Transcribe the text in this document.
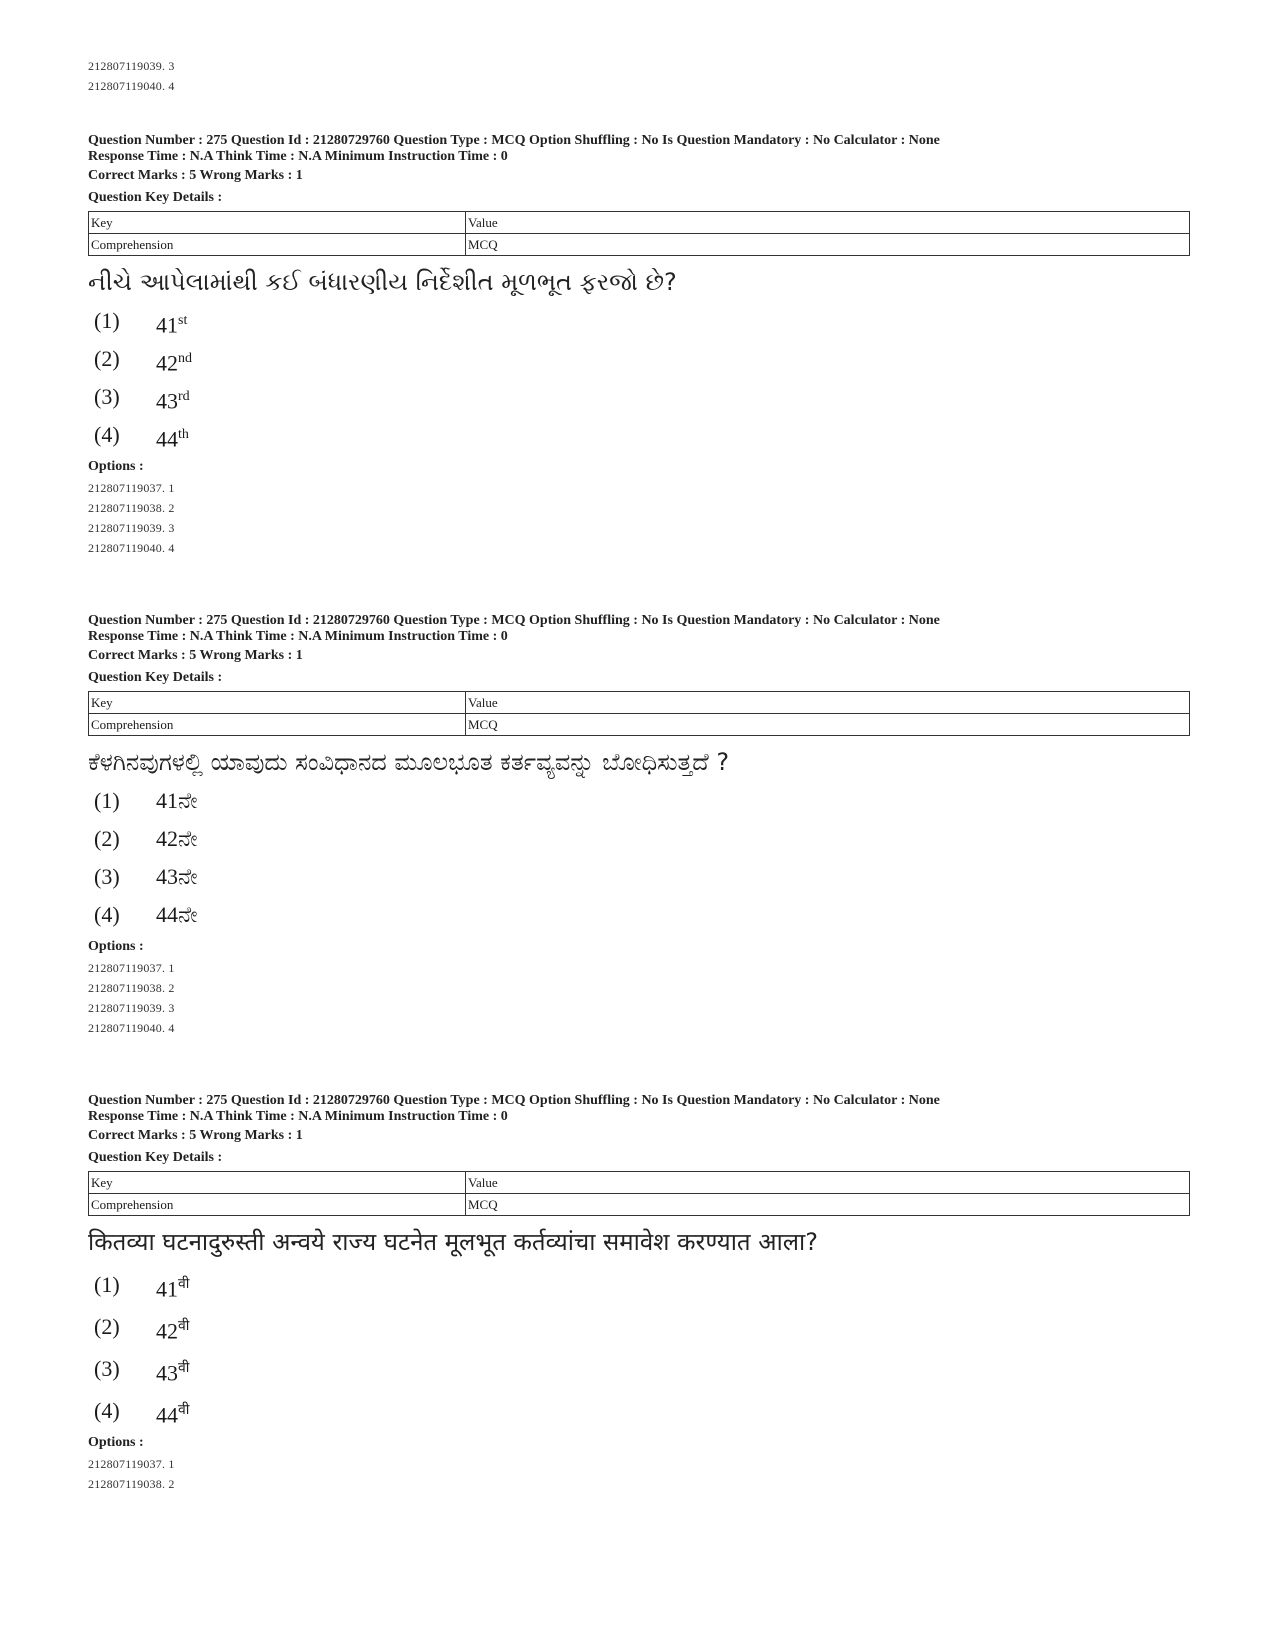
212807119039. 3
212807119040. 4
Question Number : 275 Question Id : 21280729760 Question Type : MCQ Option Shuffling : No Is Question Mandatory : No Calculator : None
Response Time : N.A Think Time : N.A Minimum Instruction Time : 0
Correct Marks : 5 Wrong Marks : 1
Question Key Details :
Key	Value
Comprehension	MCQ
નીચે આપેલામાંથી કઈ બંધારણીય નિર્દેશીત મૂળભૂત ફરજો છે?
(1)	41st
(2)	42nd
(3)	43rd
(4)	44th
Options :
212807119037. 1
212807119038. 2
212807119039. 3
212807119040. 4
Question Number : 275 Question Id : 21280729760 Question Type : MCQ Option Shuffling : No Is Question Mandatory : No Calculator : None
Response Time : N.A Think Time : N.A Minimum Instruction Time : 0
Correct Marks : 5 Wrong Marks : 1
Question Key Details :
Key	Value
Comprehension	MCQ
ಕೆಳಗಿನವುಗಳಲ್ಲಿ ಯಾವುದು ಸಂವಿಧಾನದ ಮೂಲಭೂತ ಕರ್ತವ್ಯವನ್ನು ಬೋಧಿಸುತ್ತದೆ ?
(1)	41ನೇ
(2)	42ನೇ
(3)	43ನೇ
(4)	44ನೇ
Options :
212807119037. 1
212807119038. 2
212807119039. 3
212807119040. 4
Question Number : 275 Question Id : 21280729760 Question Type : MCQ Option Shuffling : No Is Question Mandatory : No Calculator : None
Response Time : N.A Think Time : N.A Minimum Instruction Time : 0
Correct Marks : 5 Wrong Marks : 1
Question Key Details :
Key	Value
Comprehension	MCQ
कितव्या घटनादुरुस्ती अन्वये राज्य घटनेत मूलभूत कर्तव्यांचा समावेश करण्यात आला?
(1)	$41^{वी}$
(2)	$42^{वी}$
(3)	$43^{वी}$
(4)	$44^{वी}$
Options :
212807119037. 1
212807119038. 2
